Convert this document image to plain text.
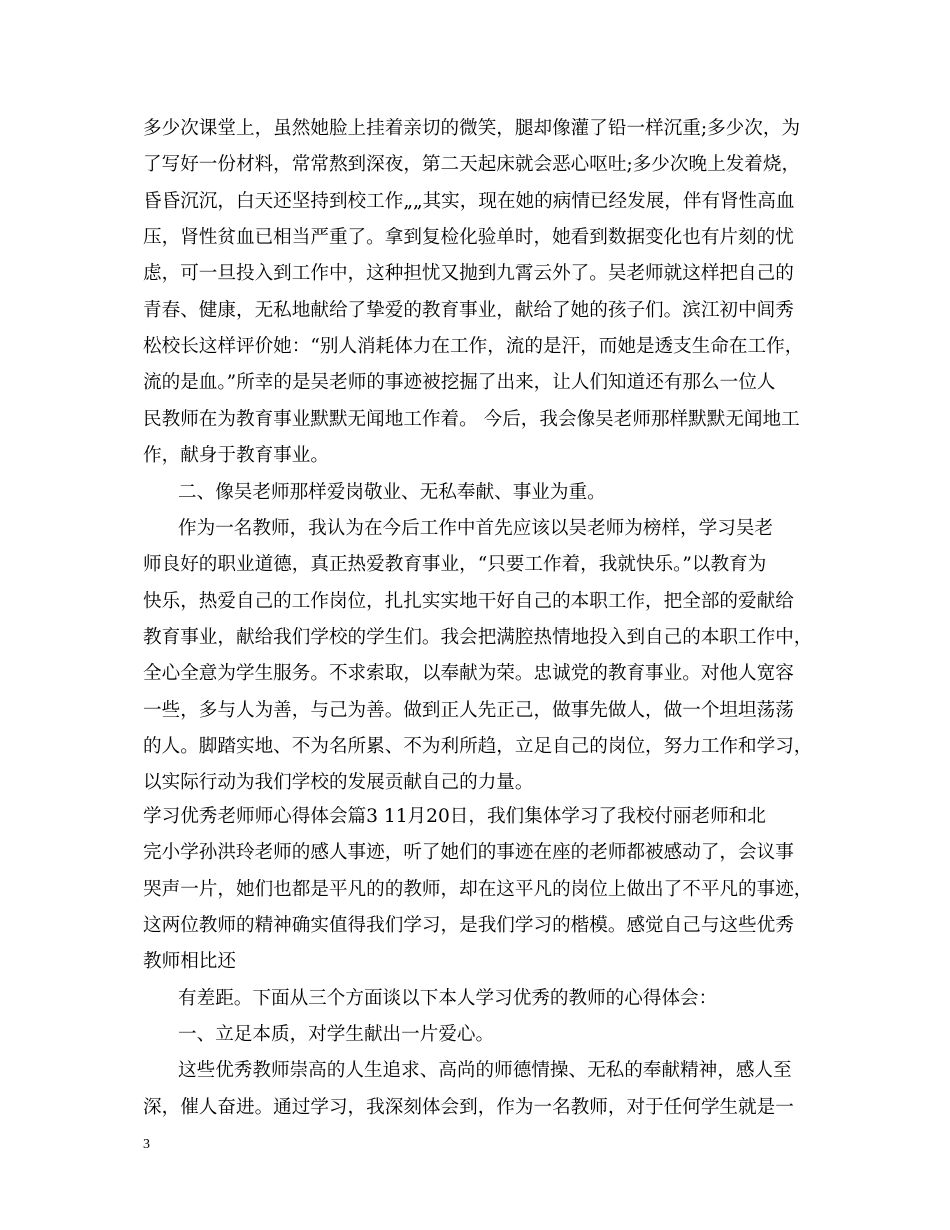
多少次课堂上，虽然她脸上挂着亲切的微笑，腿却像灌了铅一样沉重;多少次，为
了写好一份材料，常常熬到深夜，第二天起床就会恶心呕吐;多少次晚上发着烧，
昏昏沉沉，白天还坚持到校工作„„其实，现在她的病情已经发展，伴有肾性高血
压，肾性贫血已相当严重了。拿到复检化验单时，她看到数据变化也有片刻的忧
虑，可一旦投入到工作中，这种担忧又抛到九霄云外了。吴老师就这样把自己的
青春、健康，无私地献给了挚爱的教育事业，献给了她的孩子们。滨江初中闾秀
松校长这样评价她：“别人消耗体力在工作，流的是汗，而她是透支生命在工作，
流的是血。”所幸的是吴老师的事迹被挖掘了出来，让人们知道还有那么一位人
民教师在为教育事业默默无闻地工作着。 今后，我会像吴老师那样默默无闻地工
作，献身于教育事业。
二、像吴老师那样爱岗敬业、无私奉献、事业为重。
作为一名教师，我认为在今后工作中首先应该以吴老师为榜样，学习吴老
师良好的职业道德，真正热爱教育事业，“只要工作着，我就快乐。”以教育为
快乐，热爱自己的工作岗位，扎扎实实地干好自己的本职工作，把全部的爱献给
教育事业，献给我们学校的学生们。我会把满腔热情地投入到自己的本职工作中，
全心全意为学生服务。不求索取，以奉献为荣。忠诚党的教育事业。对他人宽容
一些，多与人为善，与己为善。做到正人先正己，做事先做人，做一个坦坦荡荡
的人。脚踏实地、不为名所累、不为利所趋，立足自己的岗位，努力工作和学习，
以实际行动为我们学校的发展贡献自己的力量。
学习优秀老师师心得体会篇3 11月20日，我们集体学习了我校付丽老师和北
完小学孙洪玲老师的感人事迹，听了她们的事迹在座的老师都被感动了，会议事
哭声一片，她们也都是平凡的的教师，却在这平凡的岗位上做出了不平凡的事迹，
这两位教师的精神确实值得我们学习，是我们学习的楷模。感觉自己与这些优秀
教师相比还
有差距。下面从三个方面谈以下本人学习优秀的教师的心得体会：
一、立足本质，对学生献出一片爱心。
这些优秀教师崇高的人生追求、高尚的师德情操、无私的奉献精神，感人至
深，催人奋进。通过学习，我深刻体会到，作为一名教师，对于任何学生就是一
3
